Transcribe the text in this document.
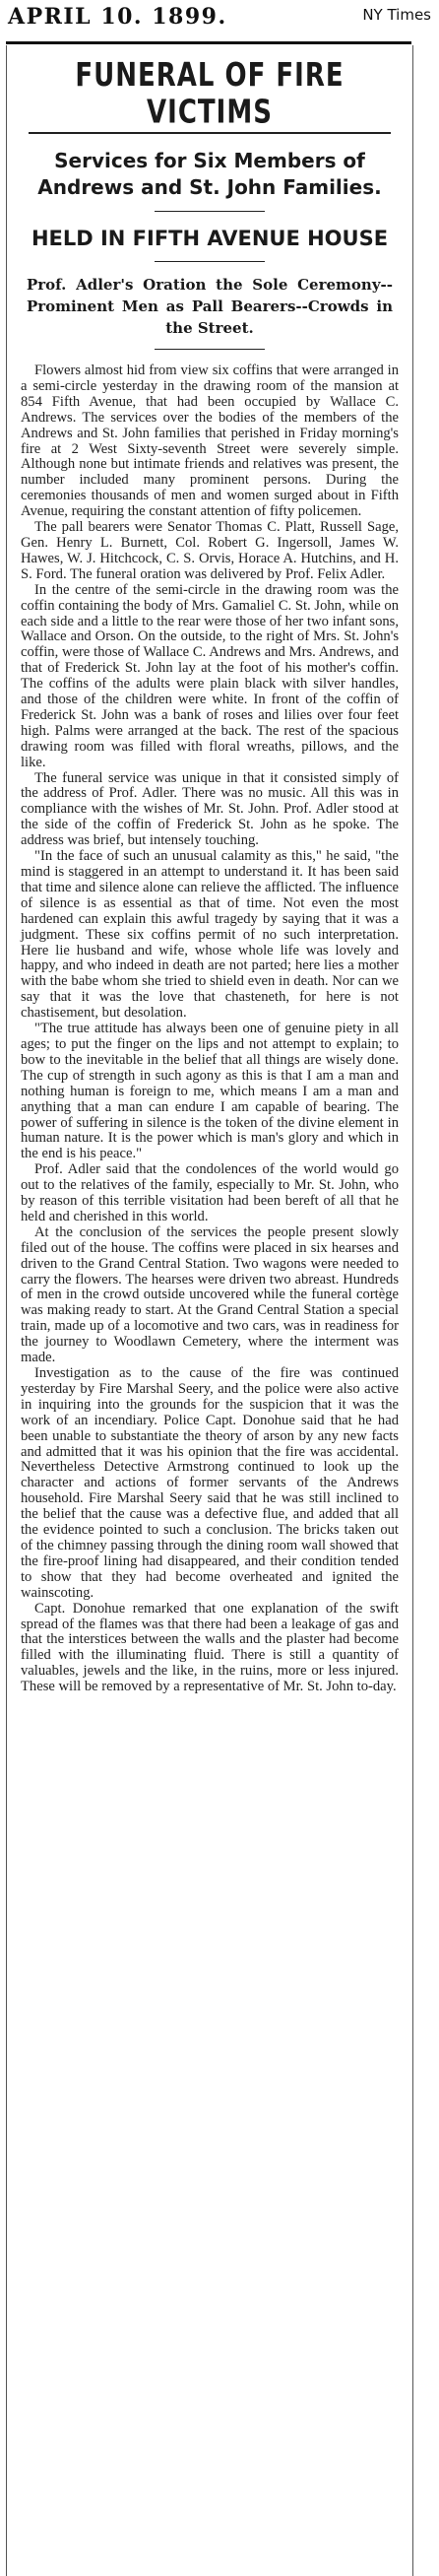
APRIL 10. 1899.	NY Times
FUNERAL OF FIRE VICTIMS
Services for Six Members of Andrews and St. John Families.
HELD IN FIFTH AVENUE HOUSE
Prof. Adler's Oration the Sole Ceremony--Prominent Men as Pall Bearers--Crowds in the Street.

Flowers almost hid from view six coffins that were arranged in a semi-circle yesterday in the drawing room of the mansion at 854 Fifth Avenue, that had been occupied by Wallace C. Andrews. The services over the bodies of the members of the Andrews and St. John families that perished in Friday morning's fire at 2 West Sixty-seventh Street were severely simple. Although none but intimate friends and relatives was present, the number included many prominent persons. During the ceremonies thousands of men and women surged about in Fifth Avenue, requiring the constant attention of fifty policemen.

The pall bearers were Senator Thomas C. Platt, Russell Sage, Gen. Henry L. Burnett, Col. Robert G. Ingersoll, James W. Hawes, W. J. Hitchcock, C. S. Orvis, Horace A. Hutchins, and H. S. Ford. The funeral oration was delivered by Prof. Felix Adler.

In the centre of the semi-circle in the drawing room was the coffin containing the body of Mrs. Gamaliel C. St. John, while on each side and a little to the rear were those of her two infant sons, Wallace and Orson. On the outside, to the right of Mrs. St. John's coffin, were those of Wallace C. Andrews and Mrs. Andrews, and that of Frederick St. John lay at the foot of his mother's coffin. The coffins of the adults were plain black with silver handles, and those of the children were white. In front of the coffin of Frederick St. John was a bank of roses and lilies over four feet high. Palms were arranged at the back. The rest of the spacious drawing room was filled with floral wreaths, pillows, and the like.

The funeral service was unique in that it consisted simply of the address of Prof. Adler. There was no music. All this was in compliance with the wishes of Mr. St. John. Prof. Adler stood at the side of the coffin of Frederick St. John as he spoke. The address was brief, but intensely touching.

"In the face of such an unusual calamity as this," he said, "the mind is staggered in an attempt to understand it. It has been said that time and silence alone can relieve the afflicted. The influence of silence is as essential as that of time. Not even the most hardened can explain this awful tragedy by saying that it was a judgment. These six coffins permit of no such interpretation. Here lie husband and wife, whose whole life was lovely and happy, and who indeed in death are not parted; here lies a mother with the babe whom she tried to shield even in death. Nor can we say that it was the love that chasteneth, for here is not chastisement, but desolation.

"The true attitude has always been one of genuine piety in all ages; to put the finger on the lips and not attempt to explain; to bow to the inevitable in the belief that all things are wisely done. The cup of strength in such agony as this is that I am a man and nothing human is foreign to me, which means I am a man and anything that a man can endure I am capable of bearing. The power of suffering in silence is the token of the divine element in human nature. It is the power which is man's glory and which in the end is his peace."

Prof. Adler said that the condolences of the world would go out to the relatives of the family, especially to Mr. St. John, who by reason of this terrible visitation had been bereft of all that he held and cherished in this world.

At the conclusion of the services the people present slowly filed out of the house. The coffins were placed in six hearses and driven to the Grand Central Station. Two wagons were needed to carry the flowers. The hearses were driven two abreast. Hundreds of men in the crowd outside uncovered while the funeral cortège was making ready to start. At the Grand Central Station a special train, made up of a locomotive and two cars, was in readiness for the journey to Woodlawn Cemetery, where the interment was made.

Investigation as to the cause of the fire was continued yesterday by Fire Marshal Seery, and the police were also active in inquiring into the grounds for the suspicion that it was the work of an incendiary. Police Capt. Donohue said that he had been unable to substantiate the theory of arson by any new facts and admitted that it was his opinion that the fire was accidental. Nevertheless Detective Armstrong continued to look up the character and actions of former servants of the Andrews household. Fire Marshal Seery said that he was still inclined to the belief that the cause was a defective flue, and added that all the evidence pointed to such a conclusion. The bricks taken out of the chimney passing through the dining room wall showed that the fire-proof lining had disappeared, and their condition tended to show that they had become overheated and ignited the wainscoting.

Capt. Donohue remarked that one explanation of the swift spread of the flames was that there had been a leakage of gas and that the interstices between the walls and the plaster had become filled with the illuminating fluid. There is still a quantity of valuables, jewels and the like, in the ruins, more or less injured. These will be removed by a representative of Mr. St. John to-day.
